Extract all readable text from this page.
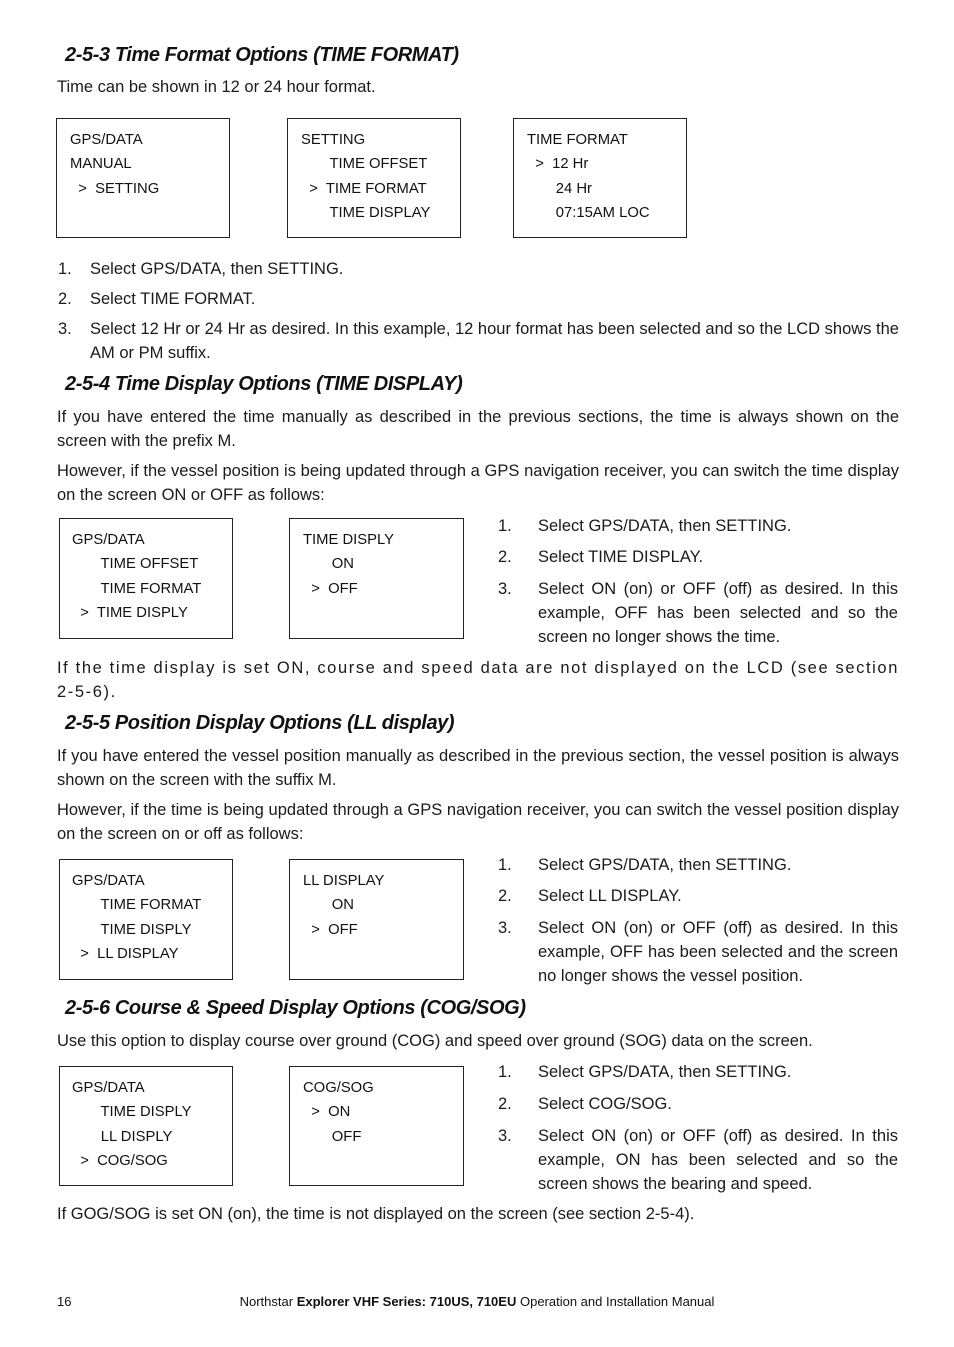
2-5-3 Time Format Options (TIME FORMAT)

Time can be shown in 12 or 24 hour format.

GPS/DATA
MANUAL
>  SETTING
SETTING
TIME OFFSET
>  TIME FORMAT
TIME DISPLAY
TIME FORMAT
>  12 Hr
24 Hr
07:15AM LOC
1. Select GPS/DATA, then SETTING.
2. Select TIME FORMAT.
3. Select 12 Hr or 24 Hr as desired. In this example, 12 hour format has been selected and so the LCD shows the AM or PM suffix.
2-5-4 Time Display Options (TIME DISPLAY)

If you have entered the time manually as described in the previous sections, the time is always shown on the screen with the prefix M.

However, if the vessel position is being updated through a GPS navigation receiver, you can switch the time display on the screen ON or OFF as follows:

GPS/DATA
TIME OFFSET
TIME FORMAT
>  TIME DISPLY
TIME DISPLY
ON
>  OFF
1. Select GPS/DATA, then SETTING.
2. Select TIME DISPLAY.
3. Select ON (on) or OFF (off) as desired. In this example, OFF has been selected and so the screen no longer shows the time.

If the time display is set ON, course and speed data are not displayed on the LCD (see section 2-5-6).

2-5-5 Position Display Options (LL display)

If you have entered the vessel position manually as described in the previous section, the vessel position is always shown on the screen with the suffix M.

However, if the time is being updated through a GPS navigation receiver, you can switch the vessel position display on the screen on or off as follows:

GPS/DATA
TIME FORMAT
TIME DISPLY
>  LL DISPLAY
LL DISPLAY
ON
>  OFF
1. Select GPS/DATA, then SETTING.
2. Select LL DISPLAY.
3. Select ON (on) or OFF (off) as desired. In this example, OFF has been selected and the screen no longer shows the vessel position.
2-5-6 Course & Speed Display Options (COG/SOG)

Use this option to display course over ground (COG) and speed over ground (SOG) data on the screen.

GPS/DATA
TIME DISPLY
LL DISPLY
>  COG/SOG
COG/SOG
>  ON
OFF
1. Select GPS/DATA, then SETTING.
2. Select COG/SOG.
3. Select ON (on) or OFF (off) as desired. In this example, ON has been selected and so the screen shows the bearing and speed.

If GOG/SOG is set ON (on), the time is not displayed on the screen (see section 2-5-4).

16	Northstar Explorer VHF Series: 710US, 710EU Operation and Installation Manual
